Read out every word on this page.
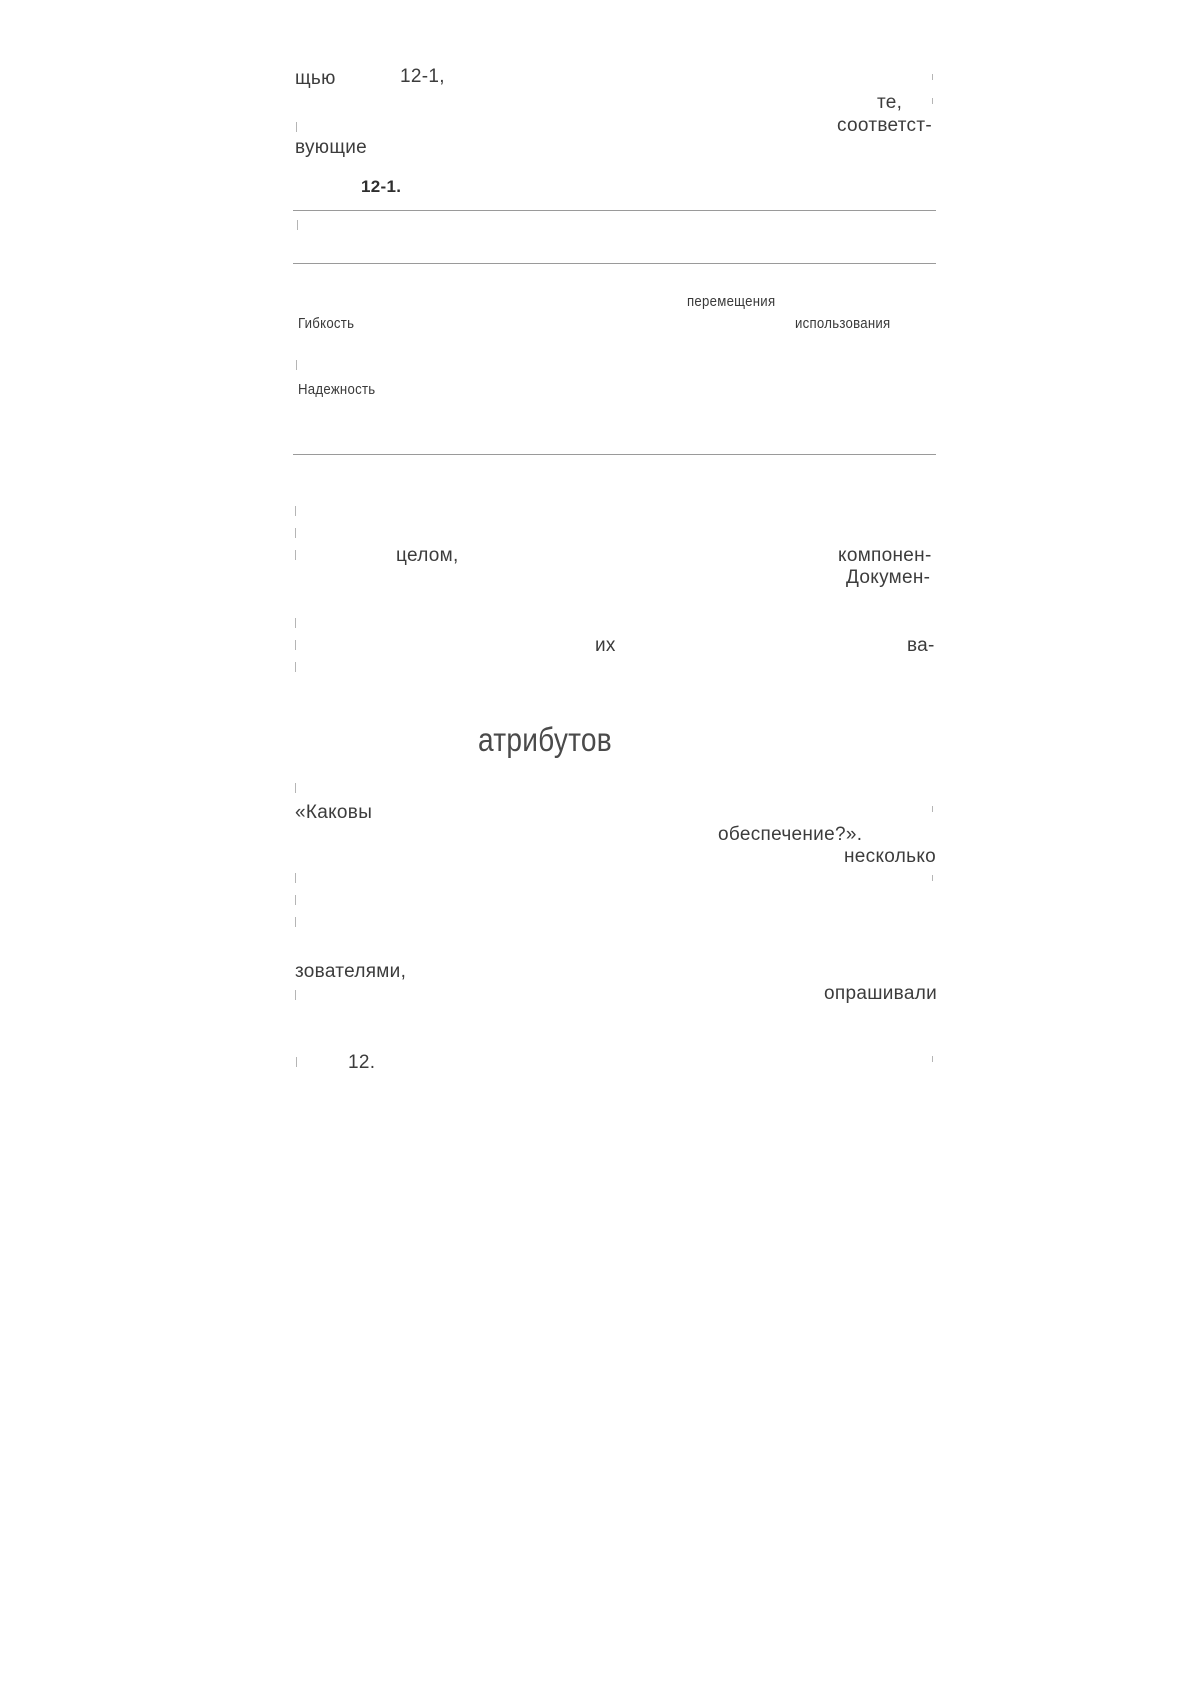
щью	12-1,
те,
соответст-
вующие
12-1.
перемещения
Гибкость	использования
Надежность
целом,	компонен-
Докумен-
их	ва-
атрибутов
«Каковы
обеспечение?».
несколько
зователями,
опрашивали
12.
